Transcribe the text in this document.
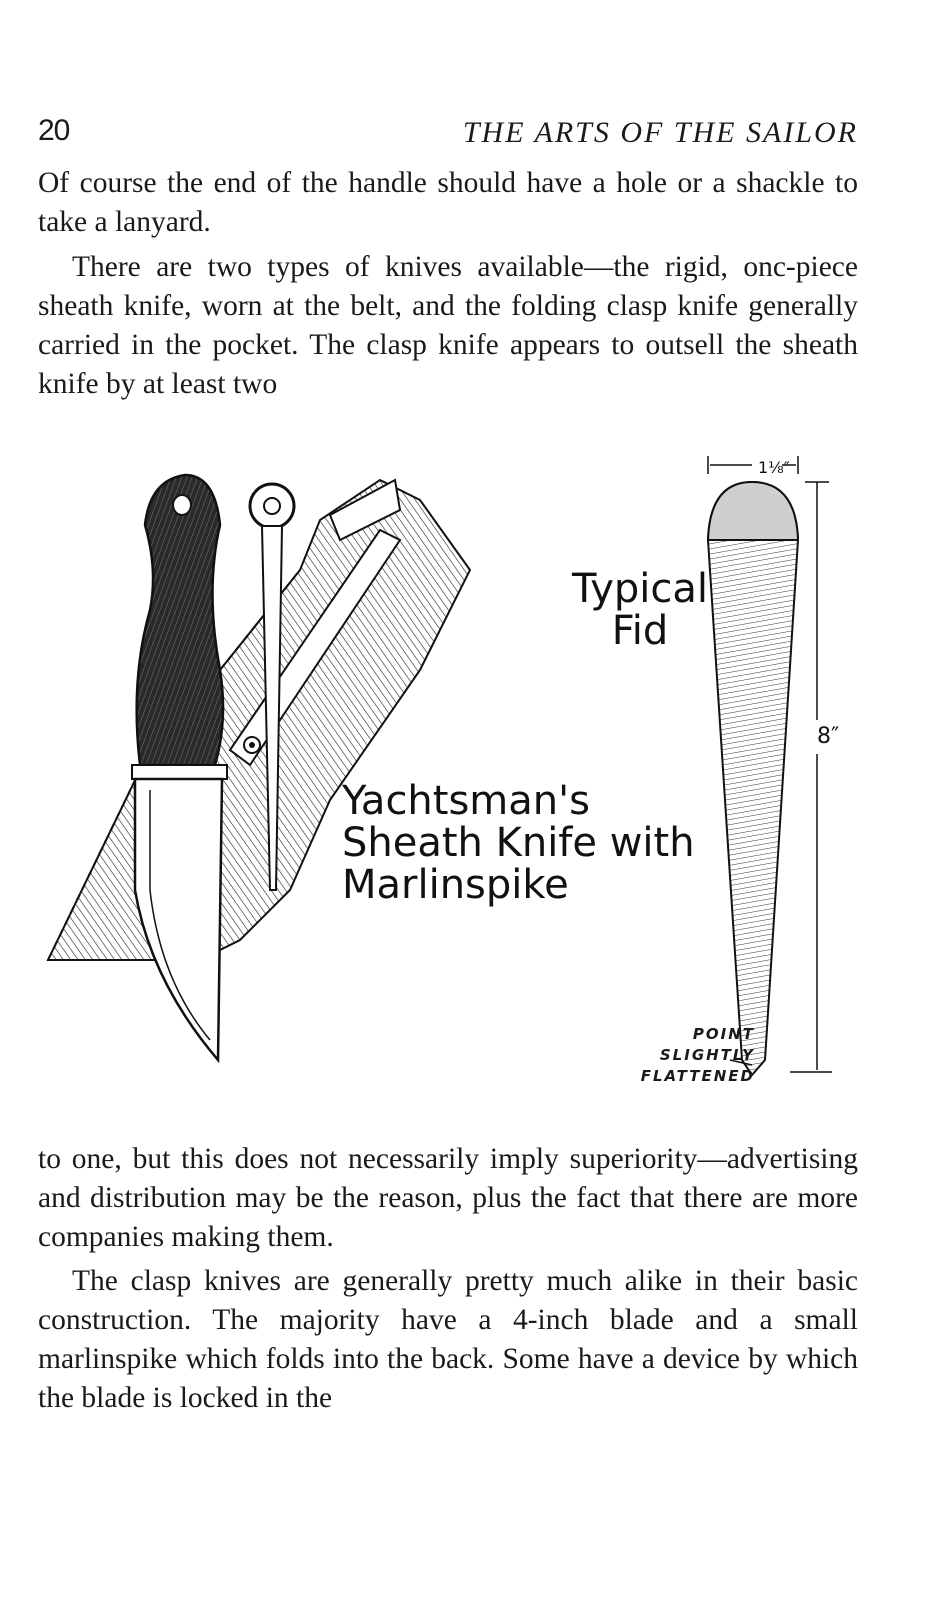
20	THE ARTS OF THE SAILOR

Of course the end of the handle should have a hole or a shackle to take a lanyard.

There are two types of knives available—the rigid, onc-piece sheath knife, worn at the belt, and the folding clasp knife generally carried in the pocket. The clasp knife appears to outsell the sheath knife by at least two

Typical Fid
Yachtsman's
Sheath Knife with
Marlinspike
1⅛″
8″
POINT
SLIGHTLY
FLATTENED

to one, but this does not necessarily imply superiority—advertising and distribution may be the reason, plus the fact that there are more companies making them.

The clasp knives are generally pretty much alike in their basic construction. The majority have a 4-inch blade and a small marlinspike which folds into the back. Some have a device by which the blade is locked in the
